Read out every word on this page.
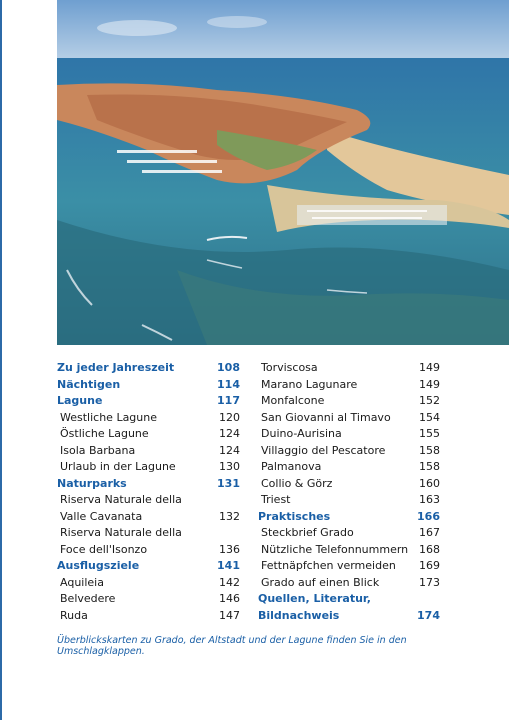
Zu jeder Jahreszeit	108
Nächtigen	114
Lagune	117
Westliche Lagune	120
Östliche Lagune	124
Isola Barbana	124
Urlaub in der Lagune	130
Naturparks	131
Riserva Naturale della
Valle Cavanata	132
Riserva Naturale della
Foce dell'Isonzo	136
Ausflugsziele	141
Aquileia	142
Belvedere	146
Ruda	147
Torviscosa	149
Marano Lagunare	149
Monfalcone	152
San Giovanni al Timavo	154
Duino-Aurisina	155
Villaggio del Pescatore	158
Palmanova	158
Collio & Görz	160
Triest	163
Praktisches	166
Steckbrief Grado	167
Nützliche Telefonnummern 168
Fettnäpfchen vermeiden 169
Grado auf einen Blick	173
Quellen, Literatur,
Bildnachweis	174
Überblickskarten zu Grado, der Altstadt und der Lagune finden Sie in den Umschlagklappen.
